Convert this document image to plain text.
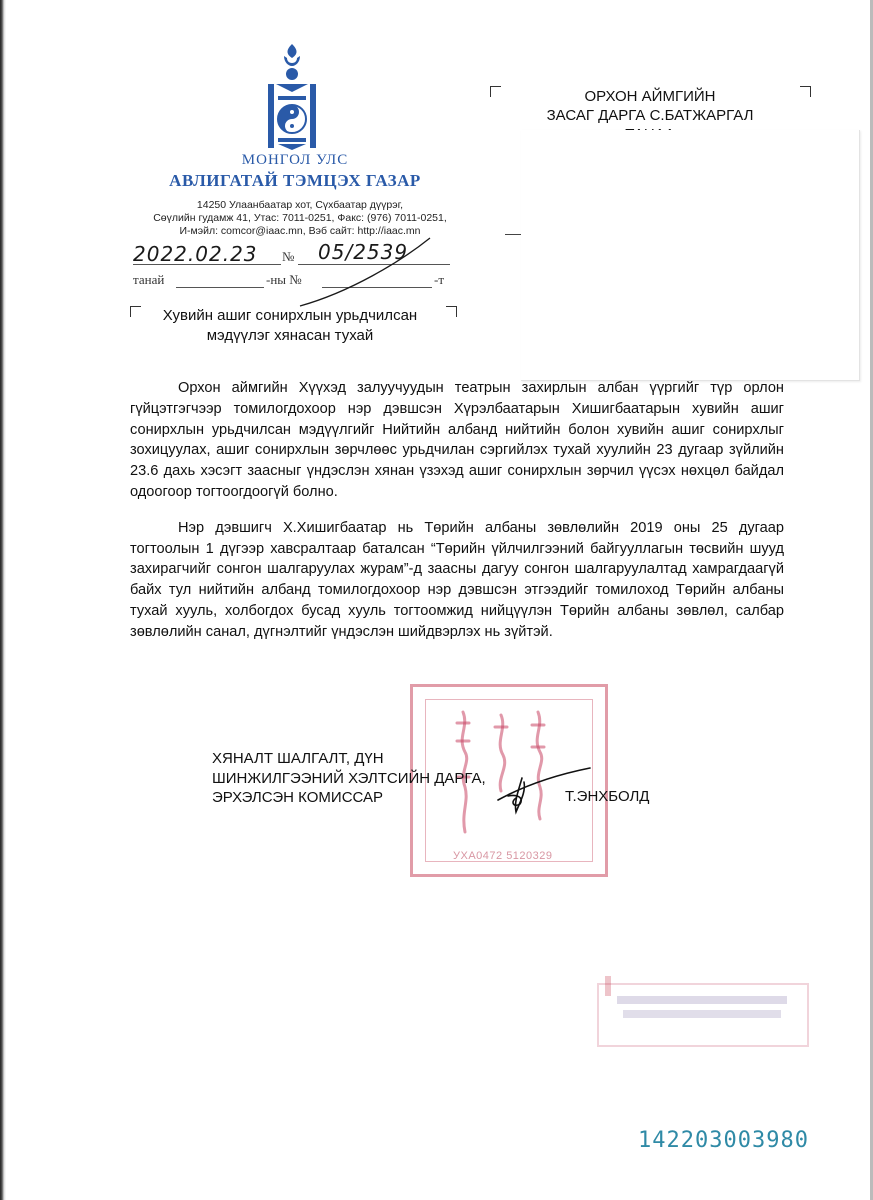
МОНГОЛ УЛС
АВЛИГАТАЙ ТЭМЦЭХ ГАЗАР
14250 Улаанбаатар хот, Сүхбаатар дүүрэг,
Сөүлийн гудамж 41, Утас: 7011-0251, Факс: (976) 7011-0251,
И-мэйл: comcor@iaac.mn, Вэб сайт: http://iaac.mn
2022.02.23 № 05/2539
танай	-ны №	-т
Хувийн ашиг сонирхлын урьдчилсан
мэдүүлэг хянасан тухай
ОРХОН АЙМГИЙН
ЗАСАГ ДАРГА С.БАТЖАРГАЛ

Орхон аймгийн Хүүхэд залуучуудын театрын захирлын албан үүргийг түр орлон гүйцэтгэгчээр томилогдохоор нэр дэвшсэн Хүрэлбаатарын Хишигбаатарын хувийн ашиг сонирхлын урьдчилсан мэдүүлгийг Нийтийн албанд нийтийн болон хувийн ашиг сонирхлыг зохицуулах, ашиг сонирхлын зөрчлөөс урьдчилан сэргийлэх тухай хуулийн 23 дугаар зүйлийн 23.6 дахь хэсэгт заасныг үндэслэн хянан үзэхэд ашиг сонирхлын зөрчил үүсэх нөхцөл байдал одоогоор тогтоогдоогүй болно.

Нэр дэвшигч Х.Хишигбаатар нь Төрийн албаны зөвлөлийн 2019 оны 25 дугаар тогтоолын 1 дүгээр хавсралтаар баталсан “Төрийн үйлчилгээний байгууллагын төсвийн шууд захирагчийг сонгон шалгаруулах журам”-д заасны дагуу сонгон шалгаруулалтад хамрагдаагүй байх тул нийтийн албанд томилогдохоор нэр дэвшсэн этгээдийг томилоход Төрийн албаны тухай хууль, холбогдох бусад хууль тогтоомжид нийцүүлэн Төрийн албаны зөвлөл, салбар зөвлөлийн санал, дүгнэлтийг үндэслэн шийдвэрлэх нь зүйтэй.

УХА0472 5120329
ХЯНАЛТ ШАЛГАЛТ, ДҮН
ШИНЖИЛГЭЭНИЙ ХЭЛТСИЙН ДАРГА,
ЭРХЭЛСЭН КОМИССАР	Т.ЭНХБОЛД
142203003980
